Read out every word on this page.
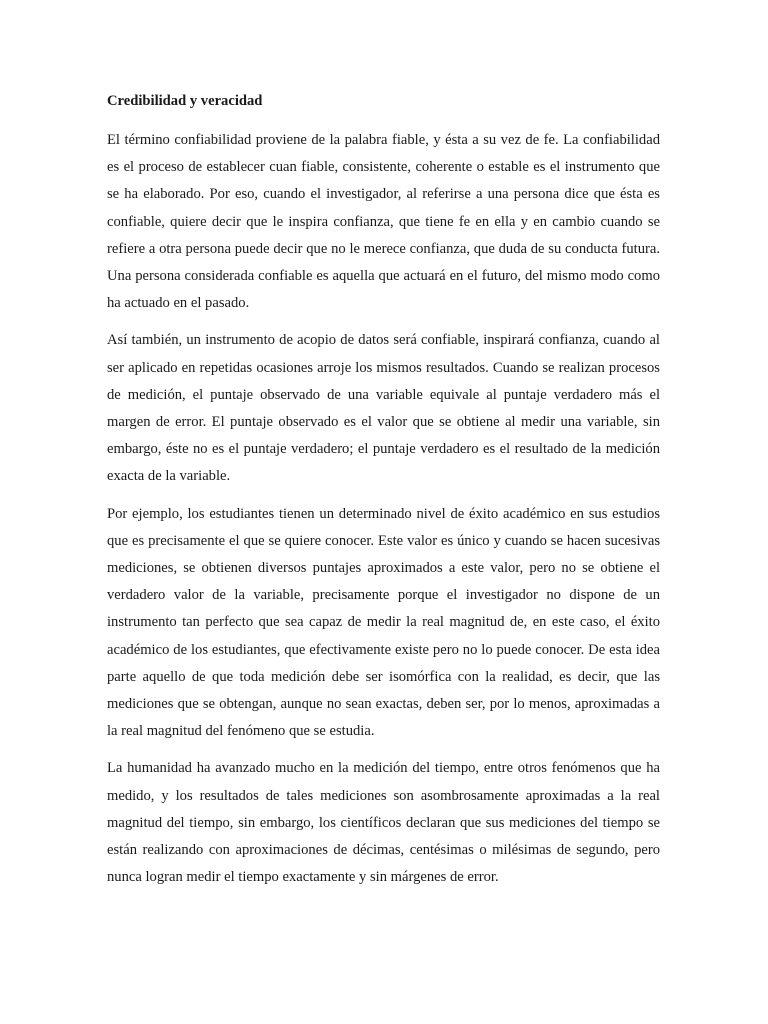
Credibilidad y veracidad

El término confiabilidad proviene de la palabra fiable, y ésta a su vez de fe. La confiabilidad es el proceso de establecer cuan fiable, consistente, coherente o estable es el instrumento que se ha elaborado. Por eso, cuando el investigador, al referirse a una persona dice que ésta es confiable, quiere decir que le inspira confianza, que tiene fe en ella y en cambio cuando se refiere a otra persona puede decir que no le merece confianza, que duda de su conducta futura. Una persona considerada confiable es aquella que actuará en el futuro, del mismo modo como ha actuado en el pasado.

Así también, un instrumento de acopio de datos será confiable, inspirará confianza, cuando al ser aplicado en repetidas ocasiones arroje los mismos resultados. Cuando se realizan procesos de medición, el puntaje observado de una variable equivale al puntaje verdadero más el margen de error. El puntaje observado es el valor que se obtiene al medir una variable, sin embargo, éste no es el puntaje verdadero; el puntaje verdadero es el resultado de la medición exacta de la variable.

Por ejemplo, los estudiantes tienen un determinado nivel de éxito académico en sus estudios que es precisamente el que se quiere conocer. Este valor es único y cuando se hacen sucesivas mediciones, se obtienen diversos puntajes aproximados a este valor, pero no se obtiene el verdadero valor de la variable, precisamente porque el investigador no dispone de un instrumento tan perfecto que sea capaz de medir la real magnitud de, en este caso, el éxito académico de los estudiantes, que efectivamente existe pero no lo puede conocer. De esta idea parte aquello de que toda medición debe ser isomórfica con la realidad, es decir, que las mediciones que se obtengan, aunque no sean exactas, deben ser, por lo menos, aproximadas a la real magnitud del fenómeno que se estudia.

La humanidad ha avanzado mucho en la medición del tiempo, entre otros fenómenos que ha medido, y los resultados de tales mediciones son asombrosamente aproximadas a la real magnitud del tiempo, sin embargo, los científicos declaran que sus mediciones del tiempo se están realizando con aproximaciones de décimas, centésimas o milésimas de segundo, pero nunca logran medir el tiempo exactamente y sin márgenes de error.
